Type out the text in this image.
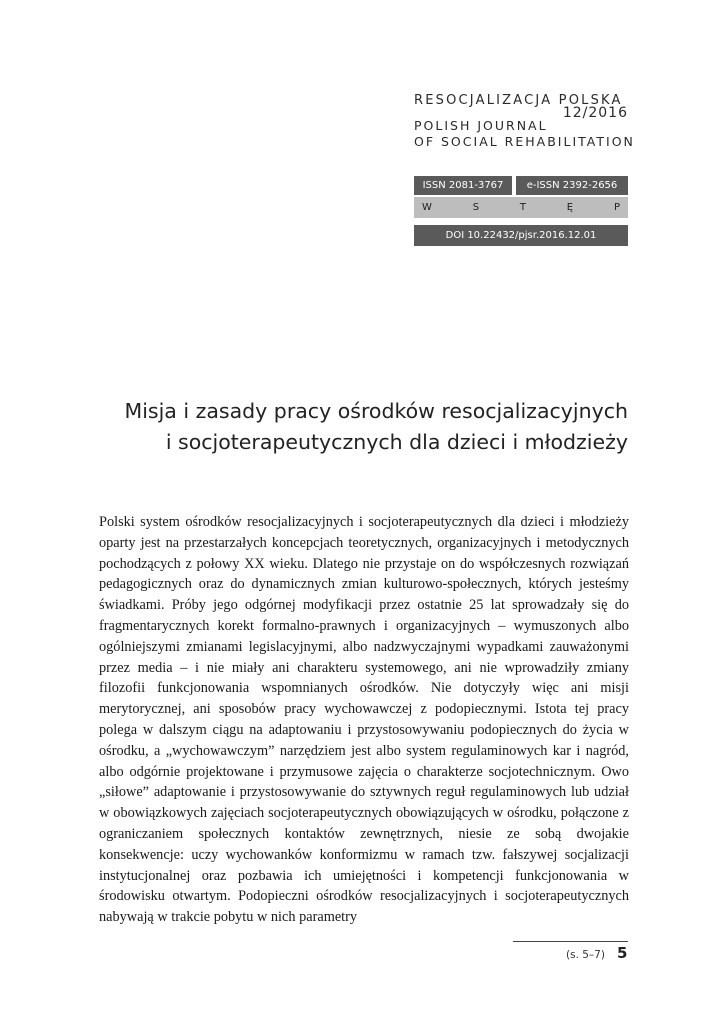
RESOCJALIZACJA POLSKA
POLISH JOURNAL
12/2016
OF SOCIAL REHABILITATION
ISSN 2081-3767	e-ISSN 2392-2656
W	S	T	Ę	P
DOI 10.22432/pjsr.2016.12.01
Misja i zasady pracy ośrodków resocjalizacyjnych
i socjoterapeutycznych dla dzieci i młodzieży
Polski system ośrodków resocjalizacyjnych i socjoterapeutycznych dla dzieci i młodzieży oparty jest na przestarzałych koncepcjach teoretycznych, organizacyjnych i metodycznych pochodzących z połowy XX wieku. Dlatego nie przystaje on do współczesnych rozwiązań pedagogicznych oraz do dynamicznych zmian kulturowo-społecznych, których jesteśmy świadkami. Próby jego odgórnej modyfikacji przez ostatnie 25 lat sprowadzały się do fragmentarycznych korekt formalno-prawnych i organizacyjnych – wymuszonych albo ogólniejszymi zmianami legislacyjnymi, albo nadzwyczajnymi wypadkami zauważonymi przez media – i nie miały ani charakteru systemowego, ani nie wprowadziły zmiany filozofii funkcjonowania wspomnianych ośrodków. Nie dotyczyły więc ani misji merytorycznej, ani sposobów pracy wychowawczej z podopiecznymi. Istota tej pracy polega w dalszym ciągu na adaptowaniu i przystosowywaniu podopiecznych do życia w ośrodku, a „wychowawczym” narzędziem jest albo system regulaminowych kar i nagród, albo odgórnie projektowane i przymusowe zajęcia o charakterze socjotechnicznym. Owo „siłowe” adaptowanie i przystosowywanie do sztywnych reguł regulaminowych lub udział w obowiązkowych zajęciach socjoterapeutycznych obowiązujących w ośrodku, połączone z ograniczaniem społecznych kontaktów zewnętrznych, niesie ze sobą dwojakie konsekwencje: uczy wychowanków konformizmu w ramach tzw. fałszywej socjalizacji instytucjonalnej oraz pozbawia ich umiejętności i kompetencji funkcjonowania w środowisku otwartym. Podopieczni ośrodków resocjalizacyjnych i socjoterapeutycznych nabywają w trakcie pobytu w nich parametry
(s. 5–7) 5
